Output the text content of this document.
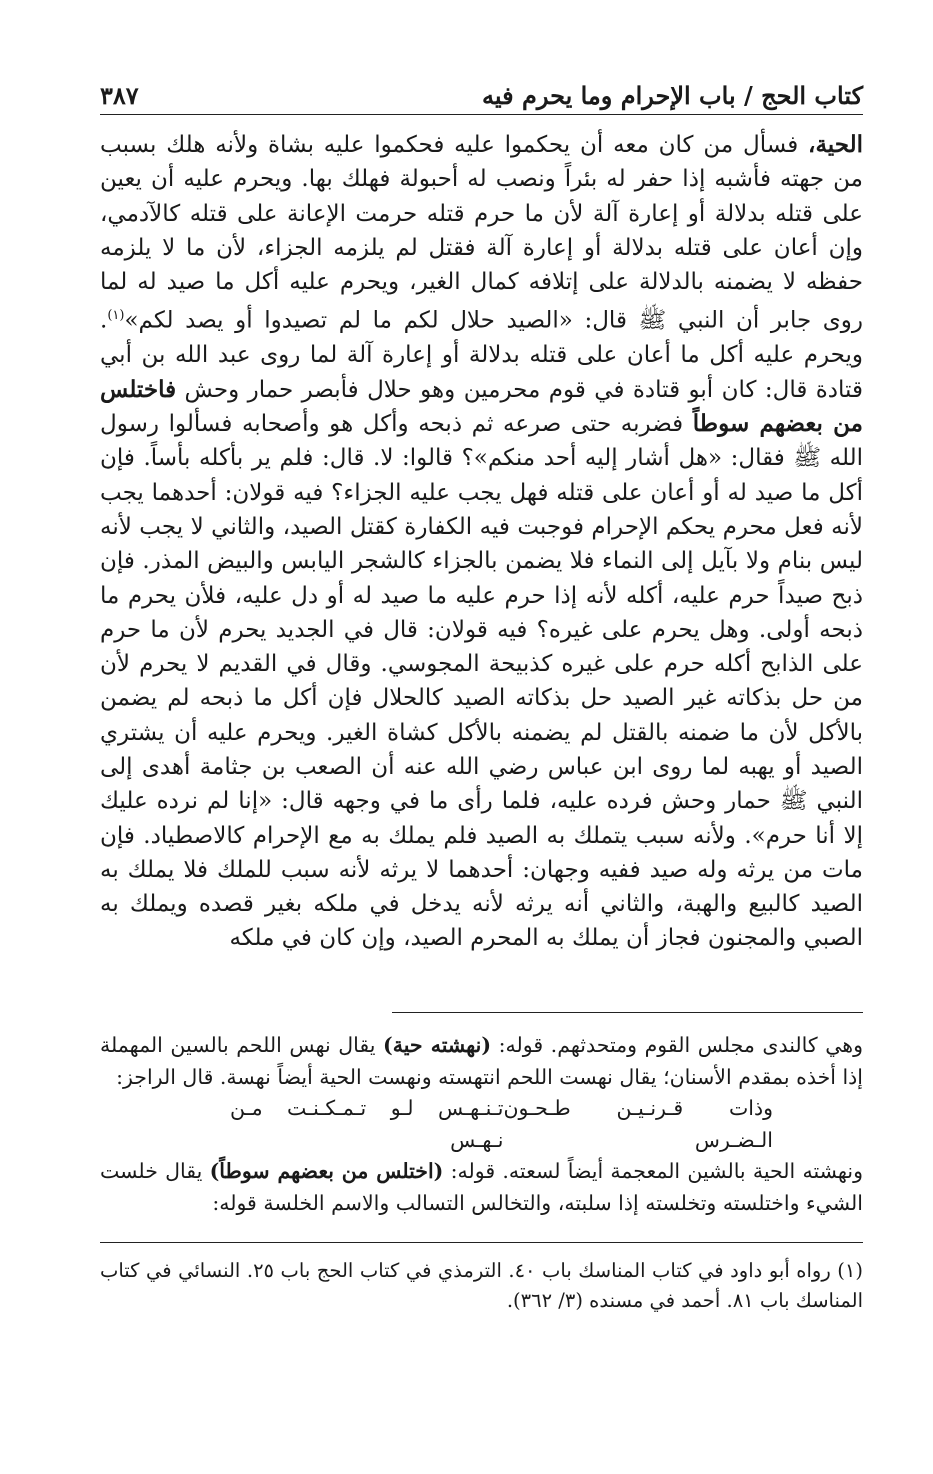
كتاب الحج / باب الإحرام وما يحرم فيه
٣٨٧

الحية، فسأل من كان معه أن يحكموا عليه فحكموا عليه بشاة ولأنه هلك بسبب من جهته فأشبه إذا حفر له بئراً ونصب له أحبولة فهلك بها. ويحرم عليه أن يعين على قتله بدلالة أو إعارة آلة لأن ما حرم قتله حرمت الإعانة على قتله كالآدمي، وإن أعان على قتله بدلالة أو إعارة آلة فقتل لم يلزمه الجزاء، لأن ما لا يلزمه حفظه لا يضمنه بالدلالة على إتلافه كمال الغير، ويحرم عليه أكل ما صيد له لما روى جابر أن النبي ﷺ قال: «الصيد حلال لكم ما لم تصيدوا أو يصد لكم»$^{(١)}$. ويحرم عليه أكل ما أعان على قتله بدلالة أو إعارة آلة لما روى عبد الله بن أبي قتادة قال: كان أبو قتادة في قوم محرمين وهو حلال فأبصر حمار وحش فاختلس من بعضهم سوطاً فضربه حتى صرعه ثم ذبحه وأكل هو وأصحابه فسألوا رسول الله ﷺ فقال: «هل أشار إليه أحد منكم»؟ قالوا: لا. قال: فلم ير بأكله بأساً. فإن أكل ما صيد له أو أعان على قتله فهل يجب عليه الجزاء؟ فيه قولان: أحدهما يجب لأنه فعل محرم يحكم الإحرام فوجبت فيه الكفارة كقتل الصيد، والثاني لا يجب لأنه ليس بنام ولا بآيل إلى النماء فلا يضمن بالجزاء كالشجر اليابس والبيض المذر. فإن ذبح صيداً حرم عليه، أكله لأنه إذا حرم عليه ما صيد له أو دل عليه، فلأن يحرم ما ذبحه أولى. وهل يحرم على غيره؟ فيه قولان: قال في الجديد يحرم لأن ما حرم على الذابح أكله حرم على غيره كذبيحة المجوسي. وقال في القديم لا يحرم لأن من حل بذكاته غير الصيد حل بذكاته الصيد كالحلال فإن أكل ما ذبحه لم يضمن بالأكل لأن ما ضمنه بالقتل لم يضمنه بالأكل كشاة الغير. ويحرم عليه أن يشتري الصيد أو يهبه لما روى ابن عباس رضي الله عنه أن الصعب بن جثامة أهدى إلى النبي ﷺ حمار وحش فرده عليه، فلما رأى ما في وجهه قال: «إنا لم نرده عليك إلا أنا حرم». ولأنه سبب يتملك به الصيد فلم يملك به مع الإحرام كالاصطياد. فإن مات من يرثه وله صيد ففيه وجهان: أحدهما لا يرثه لأنه سبب للملك فلا يملك به الصيد كالبيع والهبة، والثاني أنه يرثه لأنه يدخل في ملكه بغير قصده ويملك به الصبي والمجنون فجاز أن يملك به المحرم الصيد، وإن كان في ملكه

وهي كالندى مجلس القوم ومتحدثهم. قوله: (نهشته حية) يقال نهس اللحم بالسين المهملة إذا أخذه بمقدم الأسنان؛ يقال نهست اللحم انتهسته ونهست الحية أيضاً نهسة. قال الراجز:

وذات قـرنـيـن طـحـون الـضـرس
تـنـهـس لـو تـمـكـنـت مـن نـهـس

ونهشته الحية بالشين المعجمة أيضاً لسعته. قوله: (اختلس من بعضهم سوطاً) يقال خلست الشيء واختلسته وتخلسته إذا سلبته، والتخالس التسالب والاسم الخلسة قوله:

(١) رواه أبو داود في كتاب المناسك باب ٤٠. الترمذي في كتاب الحج باب ٢٥. النسائي في كتاب المناسك باب ٨١. أحمد في مسنده (٣/ ٣٦٢).
